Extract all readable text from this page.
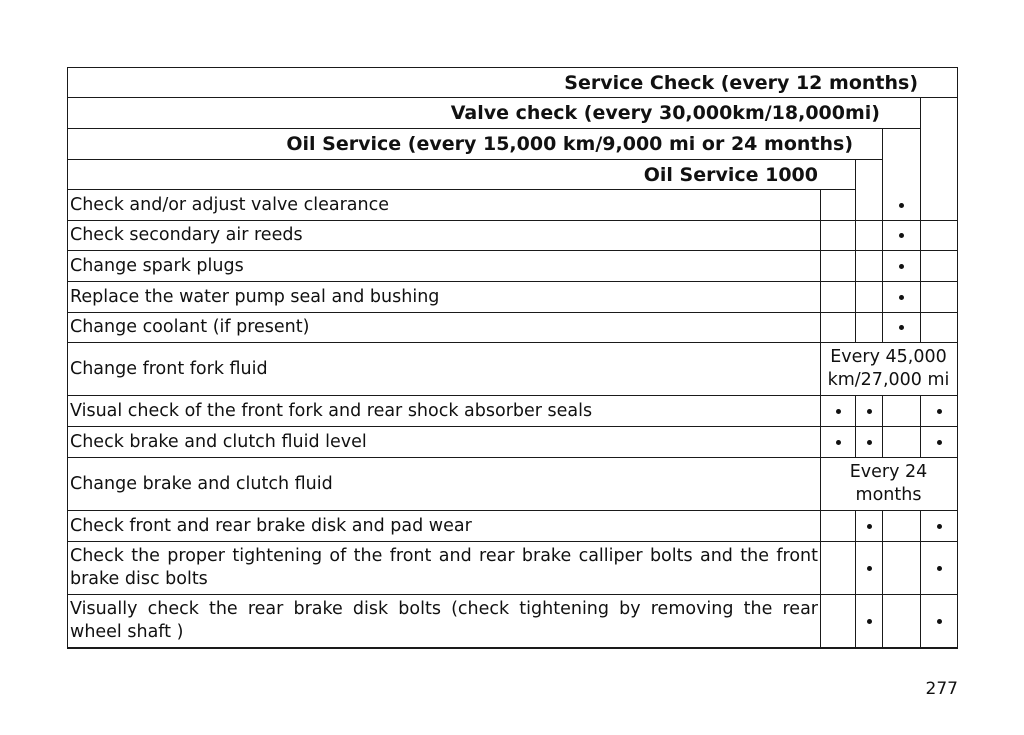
Service Check (every 12 months)
Valve check (every 30,000km/18,000mi)
Oil Service (every 15,000 km/9,000 mi or 24 months)
Oil Service 1000
Check and/or adjust valve clearance
Check secondary air reeds
Change spark plugs
Replace the water pump seal and bushing
Change coolant (if present)
Change front fork fluid
Every 45,000 km/27,000 mi
Visual check of the front fork and rear shock absorber seals
Check brake and clutch fluid level
Change brake and clutch fluid
Every 24 months
Check front and rear brake disk and pad wear
Check the proper tightening of the front and rear brake calliper bolts and the front brake disc bolts
Visually check the rear brake disk bolts (check tightening by removing the rear wheel shaft )
277
